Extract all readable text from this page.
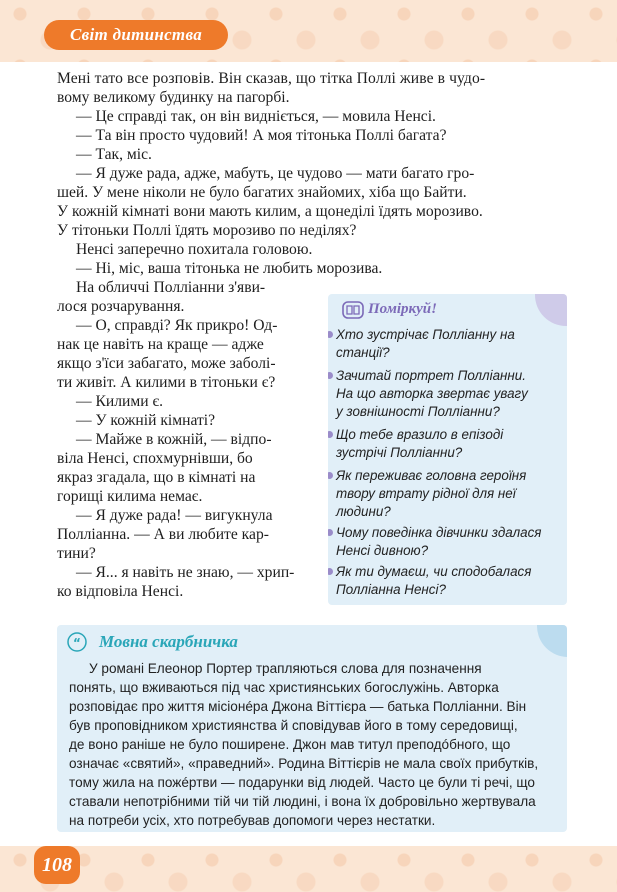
Світ дитинства
Мені тато все розповів. Він сказав, що тітка Поллі живе в чудо-
вому великому будинку на пагорбі.
— Це справді так, он він видніється, — мовила Ненсі.
— Та він просто чудовий! А моя тітонька Поллі багата?
— Так, міс.
— Я дуже рада, адже, мабуть, це чудово — мати багато гро-
шей. У мене ніколи не було багатих знайомих, хіба що Байти.
У кожній кімнаті вони мають килим, а щонеділі їдять морозиво.
У тітоньки Поллі їдять морозиво по неділях?
Ненсі заперечно похитала головою.
— Ні, міс, ваша тітонька не любить морозива.
На обличчі Полліанни з'яви-
лося розчарування.
— О, справді? Як прикро! Од-
нак це навіть на краще — адже
якщо з'їси забагато, може заболі-
ти живіт. А килими в тітоньки є?
— Килими є.
— У кожній кімнаті?
— Майже в кожній, — відпо-
віла Ненсі, спохмурнівши, бо
якраз згадала, що в кімнаті на
горищі килима немає.
— Я дуже рада! — вигукнула
Полліанна. — А ви любите кар-
тини?
— Я... я навіть не знаю, — хрип-
ко відповіла Ненсі.
Поміркуй!
Хто зустрічає Полліанну на
станції?
Зачитай портрет Полліанни.
На що авторка звертає увагу
у зовнішності Полліанни?
Що тебе вразило в епізоді
зустрічі Полліанни?
Як переживає головна героїня
твору втрату рідної для неї
людини?
Чому поведінка дівчинки здалася
Ненсі дивною?
Як ти думаєш, чи сподобалася
Полліанна Ненсі?
“ Мовна скарбничка
У романі Елеонор Портер трапляються слова для позначення
понять, що вживаються під час християнських богослужінь. Авторка
розповідає про життя місіонéра Джона Віттієра — батька Полліанни. Він
був проповідником християнства й сповідував його в тому середовищі,
де воно раніше не було поширене. Джон мав титул преподóбного, що
означає «святий», «праведний». Родина Віттієрів не мала своїх прибутків,
тому жила на пожéртви — подарунки від людей. Часто це були ті речі, що
ставали непотрібними тій чи тій людині, і вона їх добровільно жертвувала
на потреби усіх, хто потребував допомоги через нестатки.
108
